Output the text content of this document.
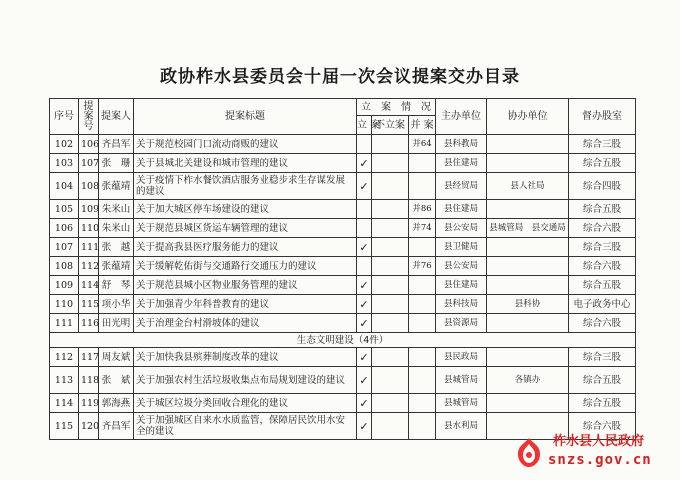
政协柞水县委员会十届一次会议提案交办目录
序号	提案号	提案人	提案标题	立　案　情　况			主办单位	协办单位	督办股室
				立 案	不立案	并 案			
102	106	齐昌军	关于规范校园门口流动商贩的建议			并64	县科教局		综合三股
103	107	张　珊	关于县城北关建设和城市管理的建议	✓			县住建局		综合五股
104	108	张蕴靖	关于疫情下柞水餐饮酒店服务业稳步求生存谋发展的建议	✓			县经贸局	县人社局	综合四股
105	109	朱米山	关于加大城区停车场建设的建议			并86	县住建局		综合五股
106	110	朱米山	关于规范县城区货运车辆管理的建议			并74	县公安局	县城管局　县交通局	综合六股
107	111	张　越	关于提高我县医疗服务能力的建议	✓			县卫健局		综合三股
108	112	张蕴靖	关于缓解乾佑街与交通路行交通压力的建议			并76	县公安局		综合六股
109	114	舒　琴	关于规范县城小区物业服务管理的建议	✓			县住建局		综合五股
110	115	项小华	关于加强青少年科普教育的建议	✓			县科技局	县科协	电子政务中心
111	116	田光明	关于治理金台村滑坡体的建议	✓			县资源局		综合六股
生态文明建设（4件）									
112	117	周友斌	关于加快我县殡葬制度改革的建议	✓			县民政局		综合三股
113	118	张　斌	关于加强农村生活垃圾收集点布局规划建设的建议	✓			县城管局	各镇办	综合五股
114	119	郭海燕	关于城区垃圾分类回收合理化的建议	✓			县城管局		综合五股
115	120	齐昌军	关于加强城区自来水水质监管，保障居民饮用水安全的建议	✓			县水利局		综合六股
柞水县人民政府
snzs.gov.cn
